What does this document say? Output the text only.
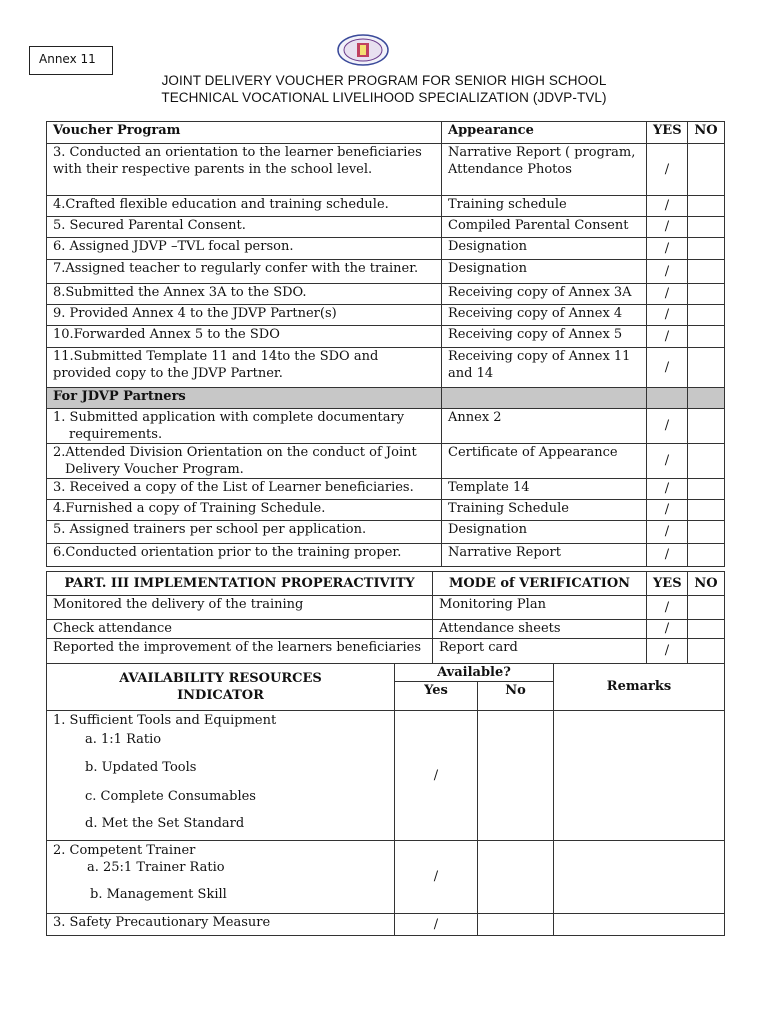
Annex 11
JOINT DELIVERY VOUCHER PROGRAM FOR SENIOR HIGH SCHOOL
TECHNICAL VOCATIONAL LIVELIHOOD SPECIALIZATION (JDVP-TVL)
Voucher Program	Appearance	YES	NO
3. Conducted an orientation to the learner beneficiaries with their respective parents in the school level.	Narrative Report ( program, Attendance Photos	/	
4.Crafted flexible education and training schedule.	Training schedule	/	
5. Secured Parental Consent.	Compiled Parental Consent	/	
6. Assigned JDVP –TVL focal person.	Designation	/	
7.Assigned teacher to regularly confer with the trainer.	Designation	/	
8.Submitted the Annex 3A to the SDO.	Receiving copy of Annex 3A	/	
9. Provided Annex 4 to the JDVP Partner(s)	Receiving copy of Annex 4	/	
10.Forwarded Annex 5 to the SDO	Receiving copy of Annex 5	/	
11.Submitted Template 11 and 14to the SDO and provided copy to the JDVP Partner.	Receiving copy of Annex 11 and 14	/	
For JDVP Partners			
1. Submitted application with complete documentary
requirements.	Annex 2	/	
2.Attended Division Orientation on the conduct of Joint
Delivery Voucher Program.	Certificate of Appearance	/	
3. Received a copy of the List of Learner beneficiaries.	Template 14	/	
4.Furnished a copy of Training Schedule.	Training Schedule	/	
5. Assigned trainers per school per application.	Designation	/	
6.Conducted orientation prior to the training proper.	Narrative Report	/	
PART. III IMPLEMENTATION PROPERACTIVITY	MODE of VERIFICATION	YES	NO
Monitored the delivery of the training	Monitoring Plan	/	
Check attendance	Attendance sheets	/	
Reported the improvement of the learners beneficiaries	Report card	/	
AVAILABILITY RESOURCES
INDICATOR	Available?		Remarks
	Yes	No	

1. Sufficient Tools and Equipment
a. 1:1 Ratio
b. Updated Tools
c. Complete Consumables
d. Met the Set Standard	/		

2. Competent Trainer
a. 25:1 Trainer Ratio
b. Management Skill	/		
3. Safety Precautionary Measure	/		
